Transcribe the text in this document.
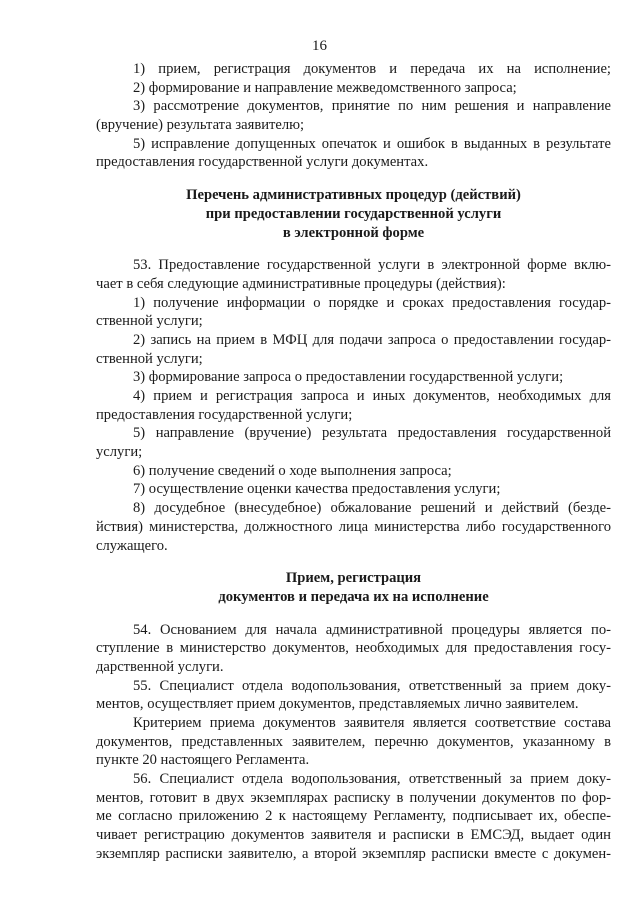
16
1) прием, регистрация документов и передача их на исполнение;
2) формирование и направление межведомственного запроса;
3) рассмотрение документов, принятие по ним решения и направление
(вручение) результата заявителю;
5) исправление допущенных опечаток и ошибок в выданных в результате
предоставления государственной услуги документах.
Перечень административных процедур (действий)
при предоставлении государственной услуги
в электронной форме
53. Предоставление государственной услуги в электронной форме вклю-
чает в себя следующие административные процедуры (действия):
1) получение информации о порядке и сроках предоставления государ-
ственной услуги;
2) запись на прием в МФЦ для подачи запроса о предоставлении государ-
ственной услуги;
3) формирование запроса о предоставлении государственной услуги;
4) прием и регистрация запроса и иных документов, необходимых для
предоставления государственной услуги;
5) направление (вручение) результата предоставления государственной
услуги;
6) получение сведений о ходе выполнения запроса;
7) осуществление оценки качества предоставления услуги;
8) досудебное (внесудебное) обжалование решений и действий (безде-
йствия) министерства, должностного лица министерства либо государственного
служащего.
Прием, регистрация
документов и передача их на исполнение
54. Основанием для начала административной процедуры является по-
ступление в министерство документов, необходимых для предоставления госу-
дарственной услуги.
55. Специалист отдела водопользования, ответственный за прием доку-
ментов, осуществляет прием документов, представляемых лично заявителем.
Критерием приема документов заявителя является соответствие состава
документов, представленных заявителем, перечню документов, указанному в
пункте 20 настоящего Регламента.
56. Специалист отдела водопользования, ответственный за прием доку-
ментов, готовит в двух экземплярах расписку в получении документов по фор-
ме согласно приложению 2 к настоящему Регламенту, подписывает их, обеспе-
чивает регистрацию документов заявителя и расписки в ЕМСЭД, выдает один
экземпляр расписки заявителю, а второй экземпляр расписки вместе с докумен-
